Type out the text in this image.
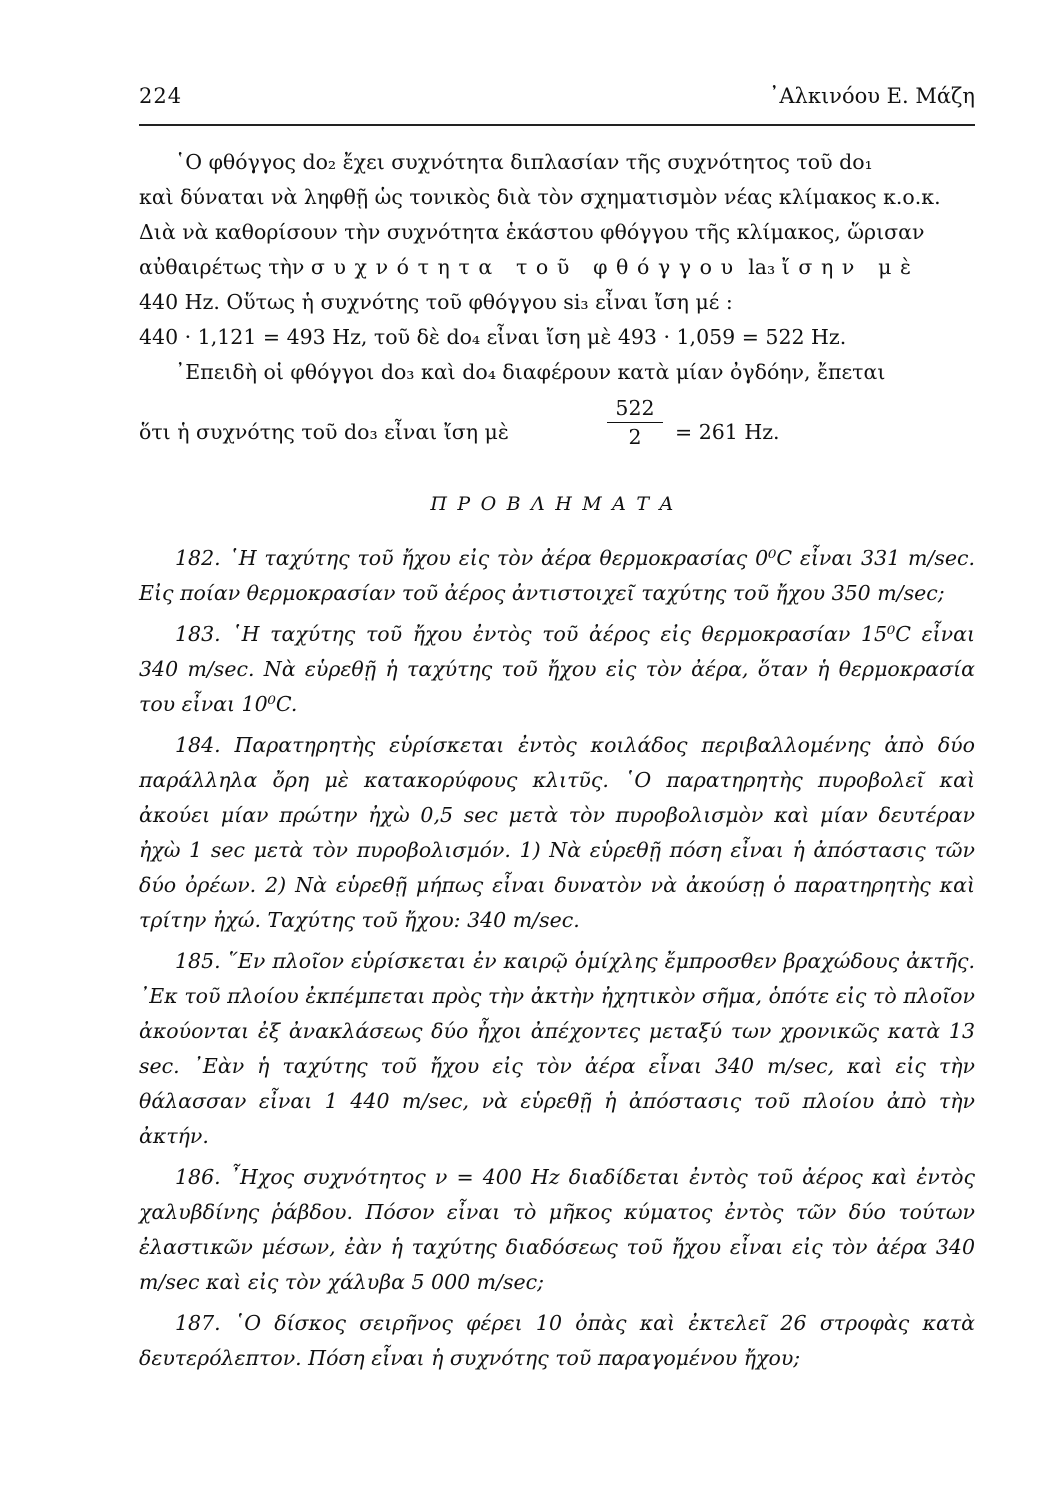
224	᾿Αλκινόου Ε. Μάζη
῾Ο φθόγγος do₂ ἔχει συχνότητα διπλασίαν τῆς συχνότητος τοῦ do₁
καὶ δύναται νὰ ληφθῇ ὡς τονικὸς διὰ τὸν σχηματισμὸν νέας κλίμακος κ.ο.κ.
Διὰ νὰ καθορίσουν τὴν συχνότητα ἑκάστου φθόγγου τῆς κλίμακος, ὥρισαν
αὐθαιρέτως τὴν συχνότητα τοῦ φθόγγου la₃ ἴσην μὲ
440 Hz. Οὕτως ἡ συχνότης τοῦ φθόγγου si₃ εἶναι ἴση μέ :
440 · 1,121 = 493 Hz, τοῦ δὲ do₄ εἶναι ἴση μὲ 493 · 1,059 = 522 Hz.
᾿Επειδὴ οἱ φθόγγοι do₃ καὶ do₄ διαφέρουν κατὰ μίαν ὀγδόην, ἔπεται
ὅτι ἡ συχνότης τοῦ do₃ εἶναι ἴση μὲ
522
2	= 261 Hz.
ΠΡΟΒΛΗΜΑΤΑ

182. ῾Η ταχύτης τοῦ ἤχου εἰς τὸν ἀέρα θερμοκρασίας 0⁰C εἶναι 331 m/sec. Εἰς ποίαν θερμοκρασίαν τοῦ ἀέρος ἀντιστοιχεῖ ταχύτης τοῦ ἤχου 350 m/sec;

183. ῾Η ταχύτης τοῦ ἤχου ἐντὸς τοῦ ἀέρος εἰς θερμοκρασίαν 15⁰C εἶναι 340 m/sec. Νὰ εὑρεθῇ ἡ ταχύτης τοῦ ἤχου εἰς τὸν ἀέρα, ὅταν ἡ θερμοκρασία του εἶναι 10⁰C.

184. Παρατηρητὴς εὑρίσκεται ἐντὸς κοιλάδος περιβαλλομένης ἀπὸ δύο παράλληλα ὄρη μὲ κατακορύφους κλιτῦς. ῾Ο παρατηρητὴς πυροβολεῖ καὶ ἀκούει μίαν πρώτην ἠχὼ 0,5 sec μετὰ τὸν πυροβολισμὸν καὶ μίαν δευτέραν ἠχὼ 1 sec μετὰ τὸν πυροβολισμόν. 1) Νὰ εὑρεθῇ πόση εἶναι ἡ ἀπόστασις τῶν δύο ὀρέων. 2) Νὰ εὑρεθῇ μήπως εἶναι δυνατὸν νὰ ἀκούσῃ ὁ παρατηρητὴς καὶ τρίτην ἠχώ. Ταχύτης τοῦ ἤχου: 340 m/sec.

185. ῞Εν πλοῖον εὑρίσκεται ἐν καιρῷ ὁμίχλης ἔμπροσθεν βραχώδους ἀκτῆς. ᾿Εκ τοῦ πλοίου ἐκπέμπεται πρὸς τὴν ἀκτὴν ἠχητικὸν σῆμα, ὁπότε εἰς τὸ πλοῖον ἀκούονται ἐξ ἀνακλάσεως δύο ἦχοι ἀπέχοντες μεταξύ των χρονικῶς κατὰ 13 sec. ᾿Εὰν ἡ ταχύτης τοῦ ἤχου εἰς τὸν ἀέρα εἶναι 340 m/sec, καὶ εἰς τὴν θάλασσαν εἶναι 1 440 m/sec, νὰ εὑρεθῇ ἡ ἀπόστασις τοῦ πλοίου ἀπὸ τὴν ἀκτήν.

186. ῏Ηχος συχνότητος ν = 400 Hz διαδίδεται ἐντὸς τοῦ ἀέρος καὶ ἐντὸς χαλυβδίνης ῥάβδου. Πόσον εἶναι τὸ μῆκος κύματος ἐντὸς τῶν δύο τούτων ἐλαστικῶν μέσων, ἐὰν ἡ ταχύτης διαδόσεως τοῦ ἤχου εἶναι εἰς τὸν ἀέρα 340 m/sec καὶ εἰς τὸν χάλυβα 5 000 m/sec;

187. ῾Ο δίσκος σειρῆνος φέρει 10 ὀπὰς καὶ ἐκτελεῖ 26 στροφὰς κατὰ δευτερόλεπτον. Πόση εἶναι ἡ συχνότης τοῦ παραγομένου ἤχου;
